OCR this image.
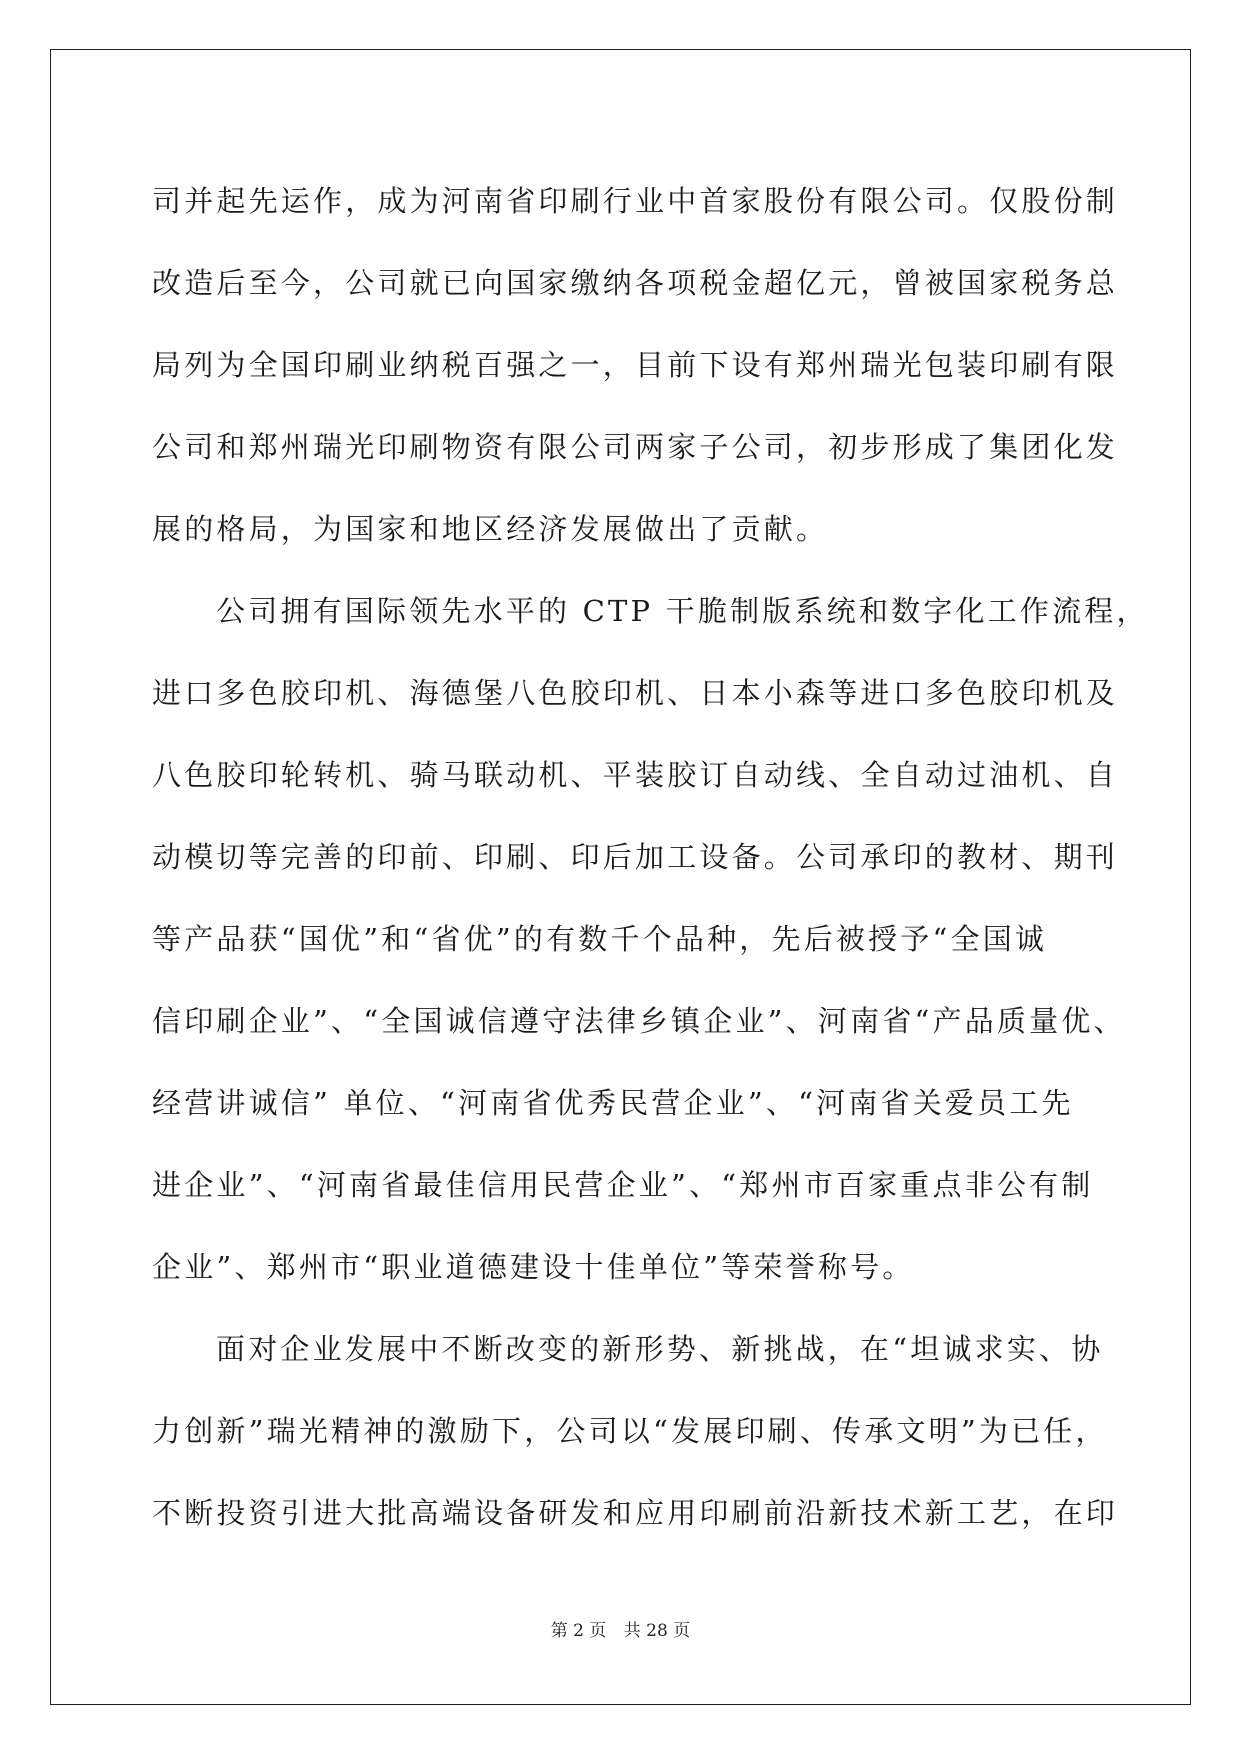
司并起先运作，成为河南省印刷行业中首家股份有限公司。仅股份制
改造后至今，公司就已向国家缴纳各项税金超亿元，曾被国家税务总
局列为全国印刷业纳税百强之一，目前下设有郑州瑞光包装印刷有限
公司和郑州瑞光印刷物资有限公司两家子公司，初步形成了集团化发
展的格局，为国家和地区经济发展做出了贡献。
公司拥有国际领先水平的 CTP 干脆制版系统和数字化工作流程，
进口多色胶印机、海德堡八色胶印机、日本小森等进口多色胶印机及
八色胶印轮转机、骑马联动机、平装胶订自动线、全自动过油机、自
动模切等完善的印前、印刷、印后加工设备。公司承印的教材、期刊
等产品获“国优”和“省优”的有数千个品种，先后被授予“全国诚
信印刷企业”、“全国诚信遵守法律乡镇企业”、河南省“产品质量优、
经营讲诚信” 单位、“河南省优秀民营企业”、“河南省关爱员工先
进企业”、“河南省最佳信用民营企业”、“郑州市百家重点非公有制
企业”、郑州市“职业道德建设十佳单位”等荣誉称号。
面对企业发展中不断改变的新形势、新挑战，在“坦诚求实、协
力创新”瑞光精神的激励下，公司以“发展印刷、传承文明”为已任，
不断投资引进大批高端设备研发和应用印刷前沿新技术新工艺，在印
第 2 页 共 28 页
